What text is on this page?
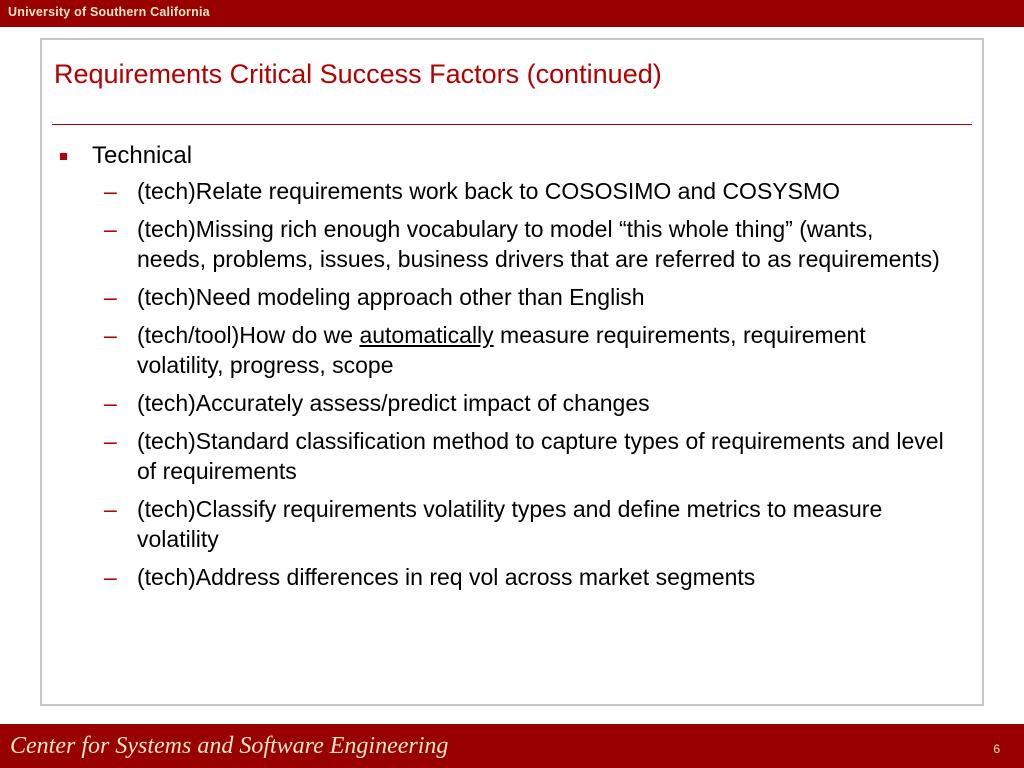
University of Southern California
Requirements Critical Success Factors (continued)
Technical
– (tech)Relate requirements work back to COSOSIMO and COSYSMO
– (tech)Missing rich enough vocabulary to model “this whole thing” (wants, needs, problems, issues, business drivers that are referred to as requirements)
– (tech)Need modeling approach other than English
– (tech/tool)How do we automatically measure requirements, requirement volatility, progress, scope
– (tech)Accurately assess/predict impact of changes
– (tech)Standard classification method to capture types of requirements and level of requirements
– (tech)Classify requirements volatility types and define metrics to measure volatility
– (tech)Address differences in req vol across market segments
Center for Systems and Software Engineering	6
